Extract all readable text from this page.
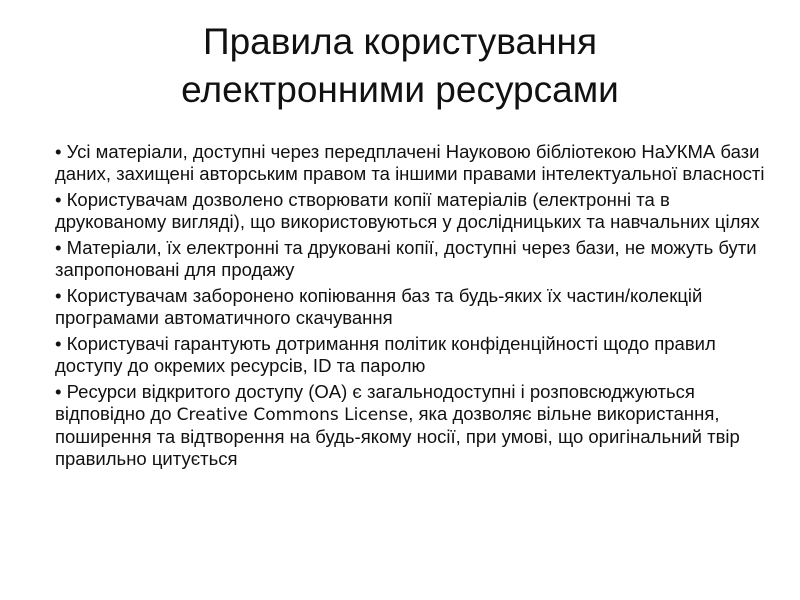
Правила користування
електронними ресурсами
• Усі матеріали, доступні через передплачені Науковою бібліотекою НаУКМА бази даних, захищені авторським правом та іншими правами інтелектуальної власності
• Користувачам дозволено створювати копії матеріалів (електронні та в друкованому вигляді), що використовуються у дослідницьких та навчальних цілях
• Матеріали, їх електронні та друковані копії, доступні через бази, не можуть бути запропоновані для продажу
• Користувачам заборонено копіювання баз та будь-яких їх частин/колекцій програмами автоматичного скачування
• Користувачі гарантують дотримання політик конфіденційності щодо правил доступу до окремих ресурсів, ID та паролю
• Ресурси відкритого доступу (OA) є загальнодоступні і розповсюджуються відповідно до Creative Commons License, яка дозволяє вільне використання, поширення та відтворення на будь-якому носії, при умові, що оригінальний твір правильно цитується
